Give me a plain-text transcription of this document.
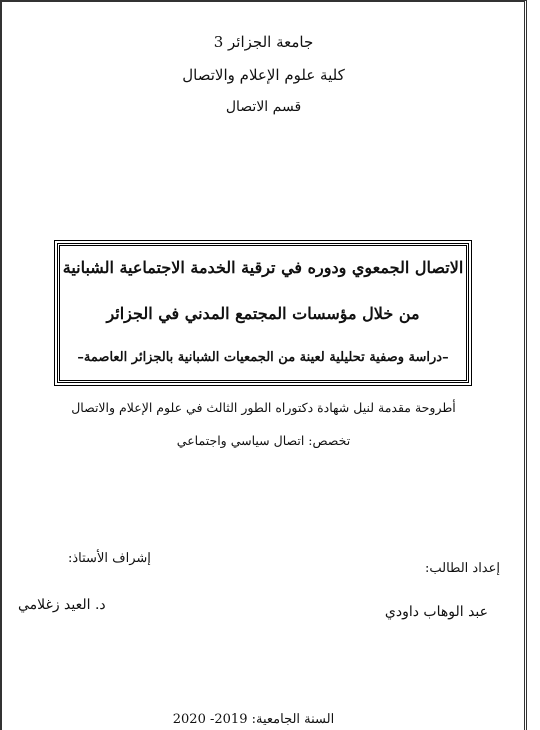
جامعة الجزائر 3
كلية علوم الإعلام والاتصال
قسم الاتصال
الاتصال الجمعوي ودوره في ترقية الخدمة الاجتماعية الشبانية
من خلال مؤسسات المجتمع المدني في الجزائر
–دراسة وصفية تحليلية لعينة من الجمعيات الشبانية بالجزائر العاصمة–
أطروحة مقدمة لنيل شهادة دكتوراه الطور الثالث في علوم الإعلام والاتصال
تخصص: اتصال سياسي واجتماعي
إشراف الأستاذ:
د. العيد زغلامي
إعداد الطالب:
عبد الوهاب داودي
السنة الجامعية: 2019- 2020
